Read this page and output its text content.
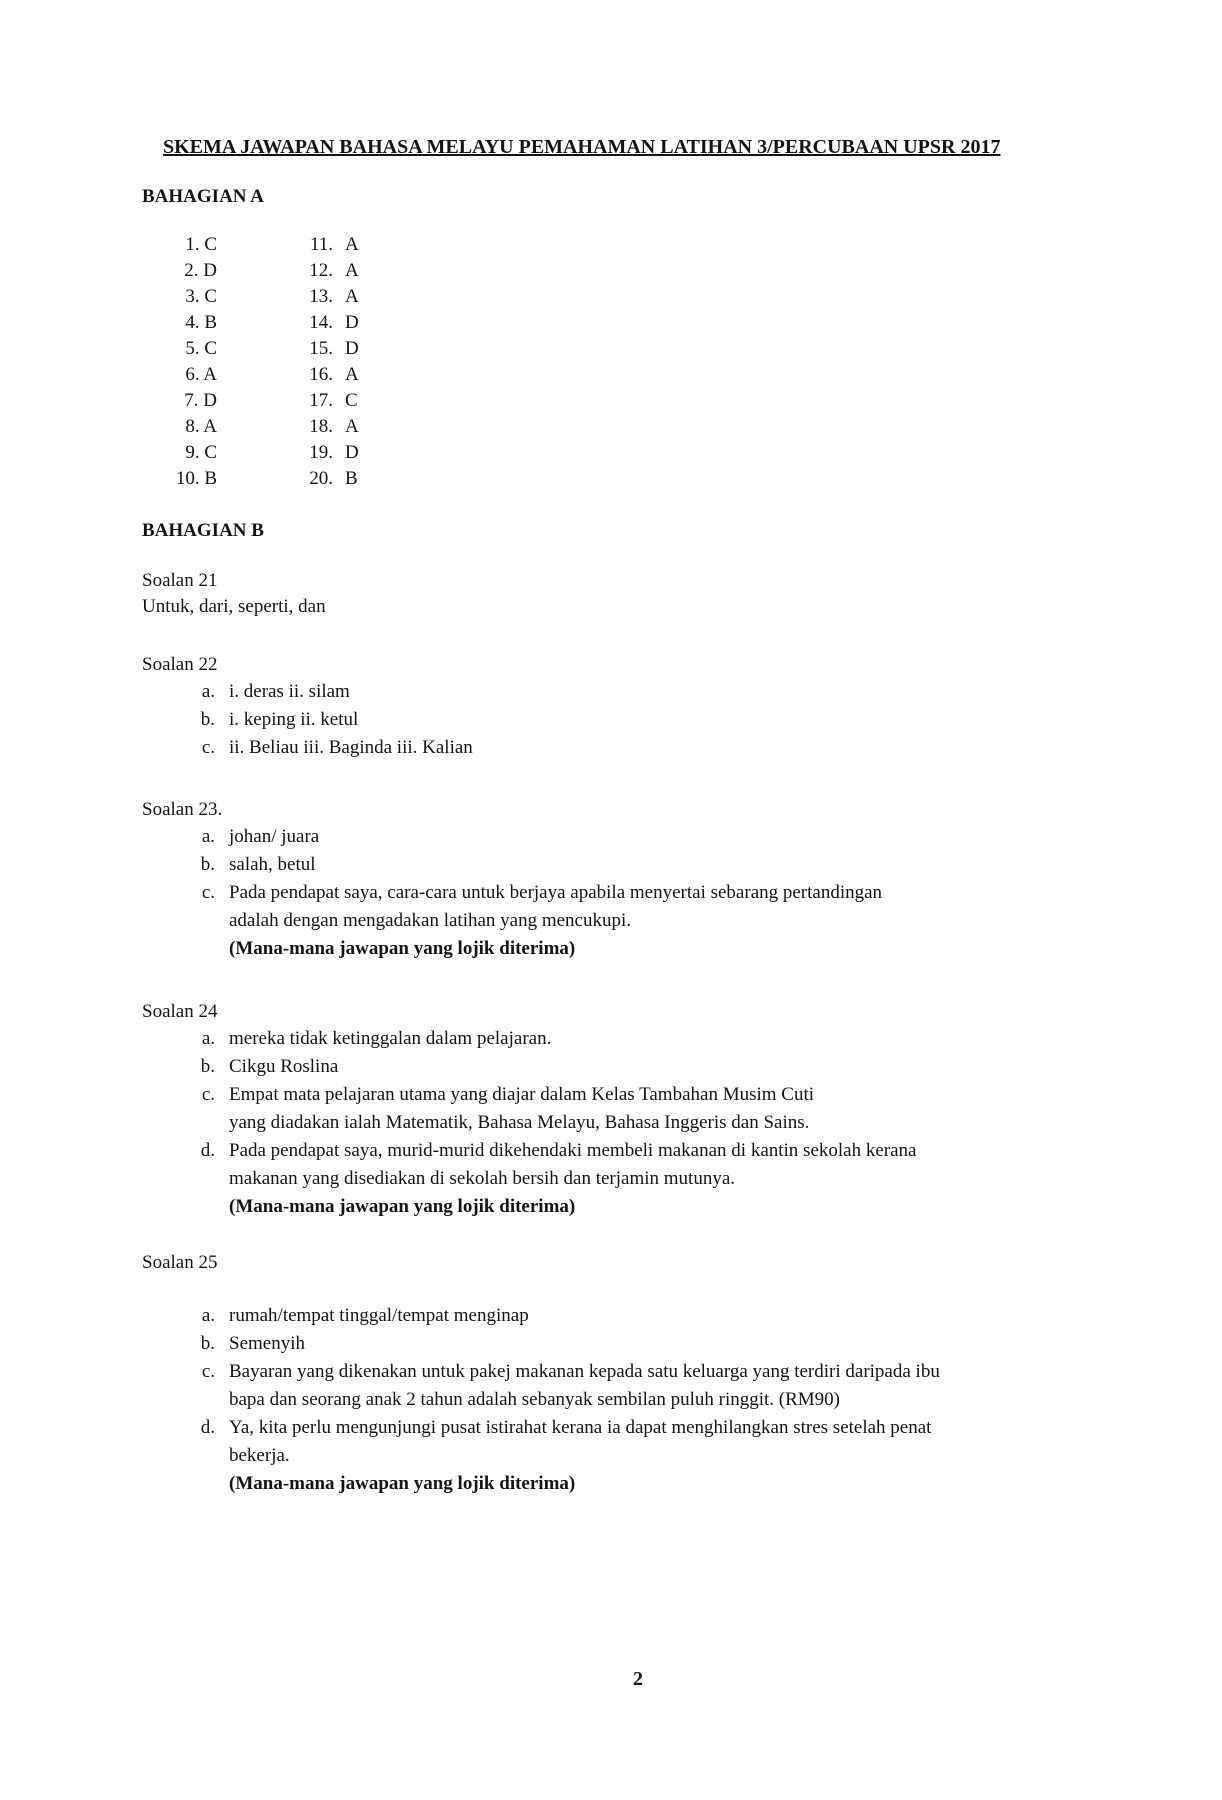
SKEMA JAWAPAN BAHASA MELAYU PEMAHAMAN LATIHAN 3/PERCUBAAN UPSR 2017
BAHAGIAN A
1. C
2. D
3. C
4. B
5. C
6. A
7. D
8. A
9. C
10. B
11. A
12. A
13. A
14. D
15. D
16. A
17. C
18. A
19. D
20. B
BAHAGIAN B
Soalan 21
Untuk, dari, seperti, dan
Soalan 22
a. i. deras ii. silam
b. i. keping ii. ketul
c. ii. Beliau iii. Baginda iii. Kalian
Soalan 23.
a. johan/ juara
b. salah, betul
c. Pada pendapat saya, cara-cara untuk berjaya apabila menyertai sebarang pertandingan
adalah dengan mengadakan latihan yang mencukupi.
(Mana-mana jawapan yang lojik diterima)
Soalan 24
a. mereka tidak ketinggalan dalam pelajaran.
b. Cikgu Roslina
c. Empat mata pelajaran utama yang diajar dalam Kelas Tambahan Musim Cuti
yang diadakan ialah Matematik, Bahasa Melayu, Bahasa Inggeris dan Sains.
d. Pada pendapat saya, murid-murid dikehendaki membeli makanan di kantin sekolah kerana
makanan yang disediakan di sekolah bersih dan terjamin mutunya.
(Mana-mana jawapan yang lojik diterima)
Soalan 25
a. rumah/tempat tinggal/tempat menginap
b. Semenyih
c. Bayaran yang dikenakan untuk pakej makanan kepada satu keluarga yang terdiri daripada ibu
bapa dan seorang anak 2 tahun adalah sebanyak sembilan puluh ringgit. (RM90)
d. Ya, kita perlu mengunjungi pusat istirahat kerana ia dapat menghilangkan stres setelah penat
bekerja.
(Mana-mana jawapan yang lojik diterima)
2
